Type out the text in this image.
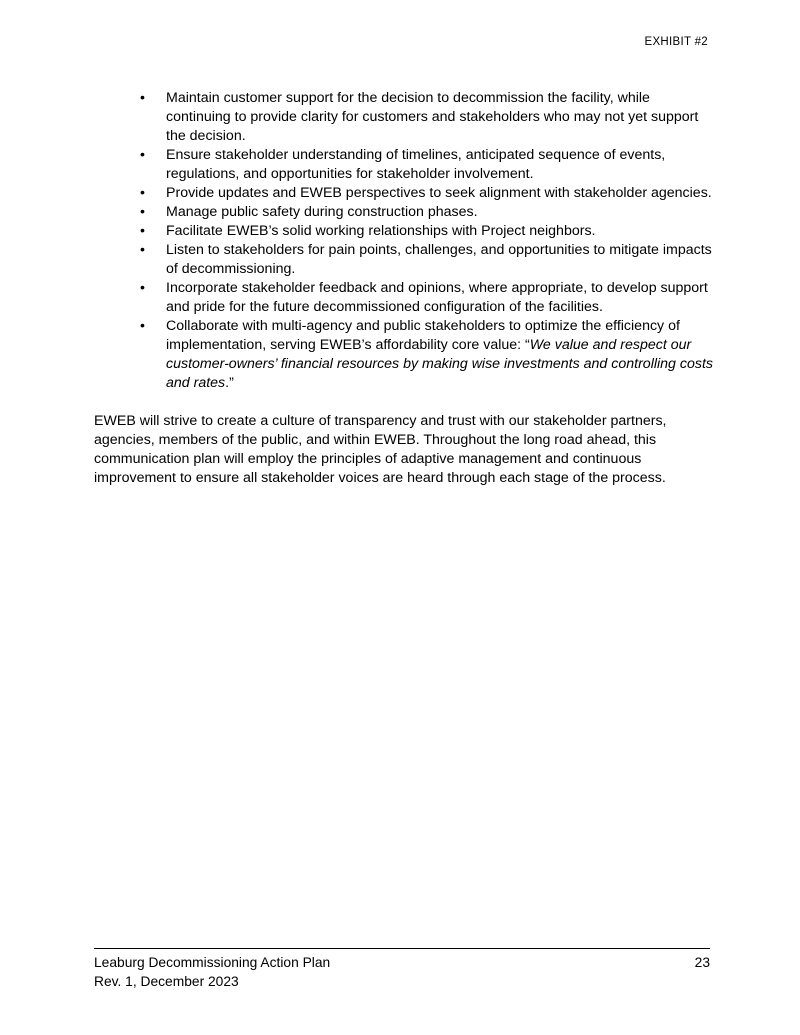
EXHIBIT #2
• Maintain customer support for the decision to decommission the facility, while continuing to provide clarity for customers and stakeholders who may not yet support the decision.
• Ensure stakeholder understanding of timelines, anticipated sequence of events, regulations, and opportunities for stakeholder involvement.
• Provide updates and EWEB perspectives to seek alignment with stakeholder agencies.
• Manage public safety during construction phases.
• Facilitate EWEB’s solid working relationships with Project neighbors.
• Listen to stakeholders for pain points, challenges, and opportunities to mitigate impacts of decommissioning.
• Incorporate stakeholder feedback and opinions, where appropriate, to develop support and pride for the future decommissioned configuration of the facilities.
• Collaborate with multi-agency and public stakeholders to optimize the efficiency of implementation, serving EWEB’s affordability core value: “We value and respect our customer-owners’ financial resources by making wise investments and controlling costs and rates.”

EWEB will strive to create a culture of transparency and trust with our stakeholder partners, agencies, members of the public, and within EWEB. Throughout the long road ahead, this communication plan will employ the principles of adaptive management and continuous improvement to ensure all stakeholder voices are heard through each stage of the process.

Leaburg Decommissioning Action Plan
Rev. 1, December 2023
23
